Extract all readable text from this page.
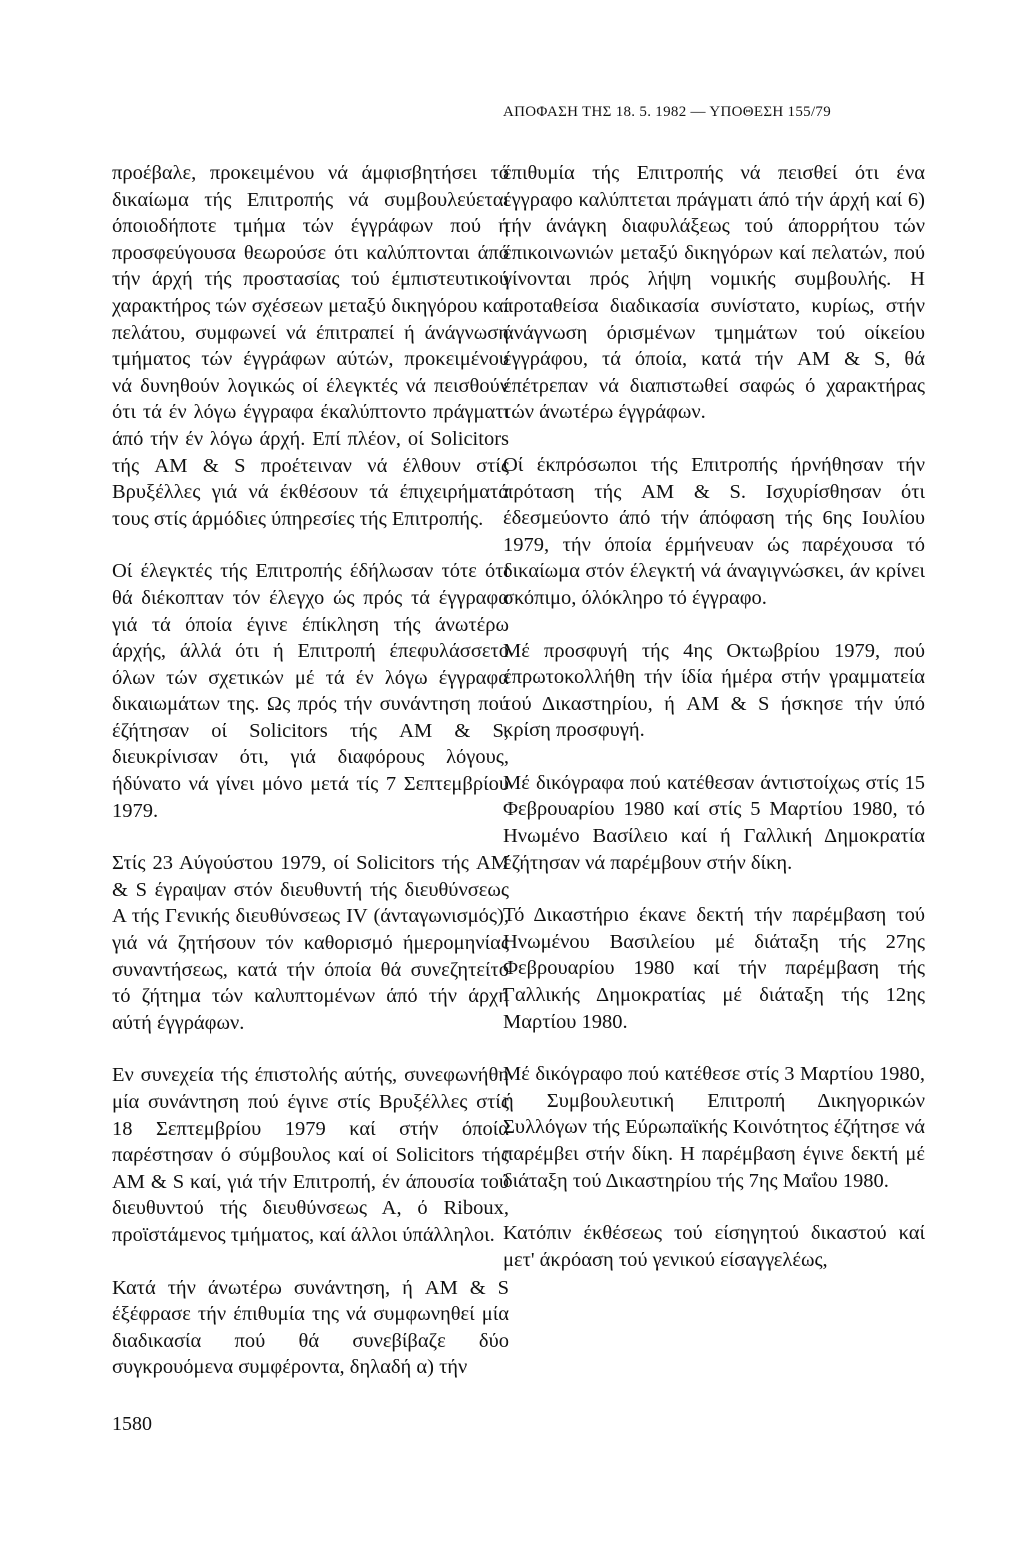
ΑΠΟΦΑΣΗ ΤΗΣ 18. 5. 1982 — ΥΠΟΘΕΣΗ 155/79

προέβαλε, προκειμένου νά άμφισβητήσει τό δικαίωμα τής Επιτροπής νά συμβουλεύεται όποιοδήποτε τμήμα τών έγγράφων πού ή προσφεύγουσα θεωρούσε ότι καλύπτονται άπό τήν άρχή τής προστασίας τού έμπιστευτικού χαρακτήρος τών σχέσεων μεταξύ δικηγόρου καί πελάτου, συμφωνεί νά έπιτραπεί ή άνάγνωση τμήματος τών έγγράφων αύτών, προκειμένου νά δυνηθούν λογικώς οί έλεγκτές νά πεισθούν ότι τά έν λόγω έγγραφα έκαλύπτοντο πράγματι άπό τήν έν λόγω άρχή. Επί πλέον, οί Solicitors τής AM & S προέτειναν νά έλθουν στίς Βρυξέλλες γιά νά έκθέσουν τά έπιχειρήματά τους στίς άρμόδιες ύπηρεσίες τής Επιτροπής.

Οί έλεγκτές τής Επιτροπής έδήλωσαν τότε ότι θά διέκοπταν τόν έλεγχο ώς πρός τά έγγραφα γιά τά όποία έγινε έπίκληση τής άνωτέρω άρχής, άλλά ότι ή Επιτροπή έπεφυλάσσετο όλων τών σχετικών μέ τά έν λόγω έγγραφα δικαιωμάτων της. Ως πρός τήν συνάντηση πού έζήτησαν οί Solicitors τής AM & S, διευκρίνισαν ότι, γιά διαφόρους λόγους, ήδύνατο νά γίνει μόνο μετά τίς 7 Σεπτεμβρίου 1979.

Στίς 23 Αύγούστου 1979, οί Solicitors τής AM & S έγραψαν στόν διευθυντή τής διευθύνσεως Α τής Γενικής διευθύνσεως IV (άνταγωνισμός), γιά νά ζητήσουν τόν καθορισμό ήμερομηνίας συναντήσεως, κατά τήν όποία θά συνεζητείτο τό ζήτημα τών καλυπτομένων άπό τήν άρχή αύτή έγγράφων.

Εν συνεχεία τής έπιστολής αύτής, συνεφωνήθη μία συνάντηση πού έγινε στίς Βρυξέλλες στίς 18 Σεπτεμβρίου 1979 καί στήν όποία παρέστησαν ό σύμβουλος καί οί Solicitors τής AM & S καί, γιά τήν Επιτροπή, έν άπουσία τού διευθυντού τής διευθύνσεως Α, ό Riboux, προϊστάμενος τμήματος, καί άλλοι ύπάλληλοι.

Κατά τήν άνωτέρω συνάντηση, ή AM & S έξέφρασε τήν έπιθυμία της νά συμφωνηθεί μία διαδικασία πού θά συνεβίβαζε δύο συγκρουόμενα συμφέροντα, δηλαδή α) τήν

έπιθυμία τής Επιτροπής νά πεισθεί ότι ένα έγγραφο καλύπτεται πράγματι άπό τήν άρχή καί 6) τήν άνάγκη διαφυλάξεως τού άπορρήτου τών έπικοινωνιών μεταξύ δικηγόρων καί πελατών, πού γίνονται πρός λήψη νομικής συμβουλής. Η προταθείσα διαδικασία συνίστατο, κυρίως, στήν άνάγνωση όρισμένων τμημάτων τού οίκείου έγγράφου, τά όποία, κατά τήν AM & S, θά έπέτρεπαν νά διαπιστωθεί σαφώς ό χαρακτήρας τών άνωτέρω έγγράφων.

Οί έκπρόσωποι τής Επιτροπής ήρνήθησαν τήν πρόταση τής AM & S. Ισχυρίσθησαν ότι έδεσμεύοντο άπό τήν άπόφαση τής 6ης Ιουλίου 1979, τήν όποία έρμήνευαν ώς παρέχουσα τό δικαίωμα στόν έλεγκτή νά άναγιγνώσκει, άν κρίνει σκόπιμο, όλόκληρο τό έγγραφο.

Μέ προσφυγή τής 4ης Οκτωβρίου 1979, πού έπρωτοκολλήθη τήν ίδία ήμέρα στήν γραμματεία τού Δικαστηρίου, ή AM & S ήσκησε τήν ύπό κρίση προσφυγή.

Μέ δικόγραφα πού κατέθεσαν άντιστοίχως στίς 15 Φεβρουαρίου 1980 καί στίς 5 Μαρτίου 1980, τό Ηνωμένο Βασίλειο καί ή Γαλλική Δημοκρατία έζήτησαν νά παρέμβουν στήν δίκη.

Τό Δικαστήριο έκανε δεκτή τήν παρέμβαση τού Ηνωμένου Βασιλείου μέ διάταξη τής 27ης Φεβρουαρίου 1980 καί τήν παρέμβαση τής Γαλλικής Δημοκρατίας μέ διάταξη τής 12ης Μαρτίου 1980.

Μέ δικόγραφο πού κατέθεσε στίς 3 Μαρτίου 1980, ή Συμβουλευτική Επιτροπή Δικηγορικών Συλλόγων τής Εύρωπαϊκής Κοινότητος έζήτησε νά παρέμβει στήν δίκη. Η παρέμβαση έγινε δεκτή μέ διάταξη τού Δικαστηρίου τής 7ης Μαΐου 1980.

Κατόπιν έκθέσεως τού είσηγητού δικαστού καί μετ' άκρόαση τού γενικού είσαγγελέως,

1580
